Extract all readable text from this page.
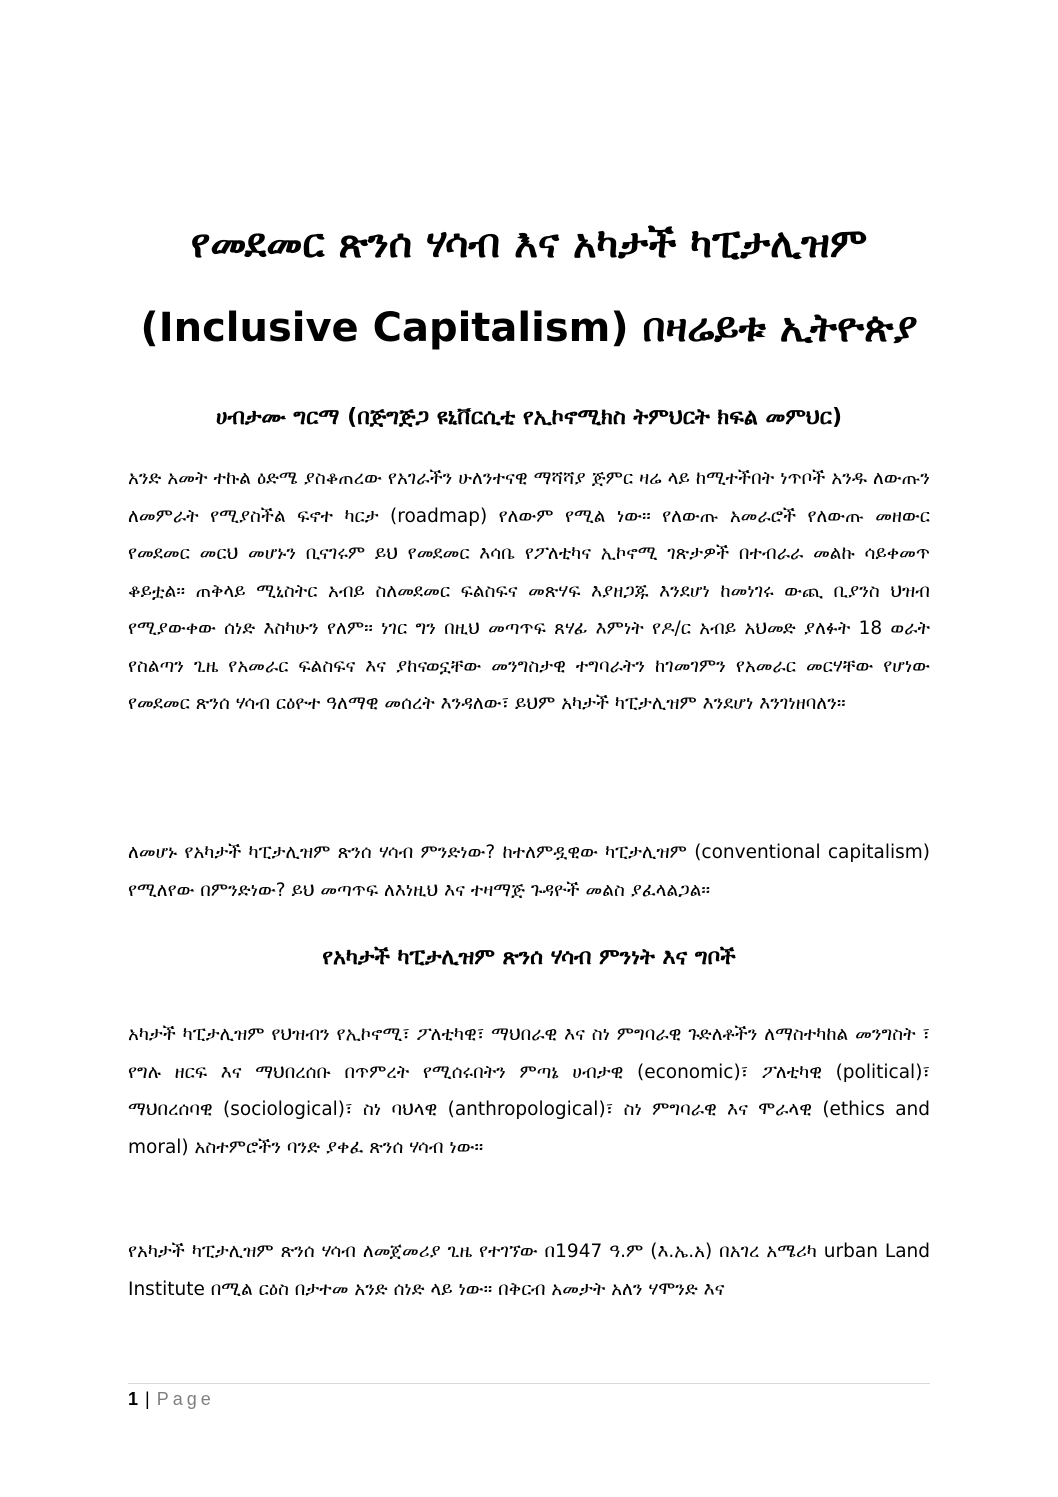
የመደመር ጽንሰ ሃሳብ እና አካታች ካፒታሊዝም
(Inclusive Capitalism) በዛሬይቱ ኢትዮጵያ
ሀብታሙ ግርማ (በጅግጅጋ ዩኒቨርሲቲ የኢኮኖሚክስ ትምህርት ክፍል መምህር)

አንድ አመት ተኩል ዕድሜ ያስቆጠረው የአገራችን ሁለንተናዊ ማሻሻያ ጅምር ዛሬ ላይ ከሚተችበት ነጥቦች አንዱ ለውጡን ለመምራት የሚያስችል ፍኖተ ካርታ (roadmap) የለውም የሚል ነው፡፡ የለውጡ አመራሮች የለውጡ መዘውር የመደመር መርህ መሆኑን ቢናገሩም ይህ የመደመር እሳቤ የፖለቲካና ኢኮኖሚ ገጽታዎች በተብራራ መልኩ ሳይቀመጥ ቆይቷል፡፡ ጠቅላይ ሚኒስትር አብይ ስለመደመር ፍልስፍና መጽሃፍ እያዘጋጁ እንደሆነ ከመነገሩ ውጪ ቢያንስ ህዝብ የሚያውቀው ሰነድ እስካሁን የለም፡፡ ነገር ግን በዚህ መጣጥፍ ጸሃፊ እምነት የዶ/ር አብይ አህመድ ያለፉት 18 ወራት የስልጣን ጊዜ የአመራር ፍልስፍና እና ያከናወኗቸው መንግስታዊ ተግባራትን ከገመገምን የአመራር መርሃቸው የሆነው የመደመር ጽንሰ ሃሳብ ርዕዮተ ዓለማዊ መሰረት እንዳለው፣ ይህም አካታች ካፒታሊዝም እንደሆነ እንገነዘባለን፡፡

ለመሆኑ የአካታች ካፒታሊዝም ጽንሰ ሃሳብ ምንድነው? ከተለምዷዊው ካፒታሊዝም (conventional capitalism) የሚለየው በምንድነው? ይህ መጣጥፍ ለእነዚህ እና ተዛማጅ ጉዳዮች መልስ ያፈላልጋል፡፡

የአካታች ካፒታሊዝም ጽንሰ ሃሳብ ምንነት እና ግቦች

አካታች ካፒታሊዝም የህዝብን የኢኮኖሚ፣ ፖለቲካዊ፣ ማህበራዊ እና ስነ ምግባራዊ ጉድለቶችን ለማስተካከል መንግስት ፣ የግሉ ዘርፍ እና ማህበረሰቡ በጥምረት የሚሰሩበትን ምጣኔ ሀብታዊ (economic)፣ ፖለቲካዊ (political)፣ ማህበረሰባዊ (sociological)፣ ስነ ባህላዊ (anthropological)፣ ስነ ምግባራዊ እና ሞራላዊ (ethics and moral) አስተምሮችን ባንድ ያቀፈ ጽንሰ ሃሳብ ነው፡፡

የአካታች ካፒታሊዝም ጽንሰ ሃሳብ ለመጀመሪያ ጊዜ የተገኘው በ1947 ዓ.ም (እ.ኤ.አ) በአገረ አሜሪካ urban Land Institute በሚል ርዕስ በታተመ አንድ ሰነድ ላይ ነው፡፡ በቅርብ አመታት አለን ሃሞንድ እና

1 | Page
